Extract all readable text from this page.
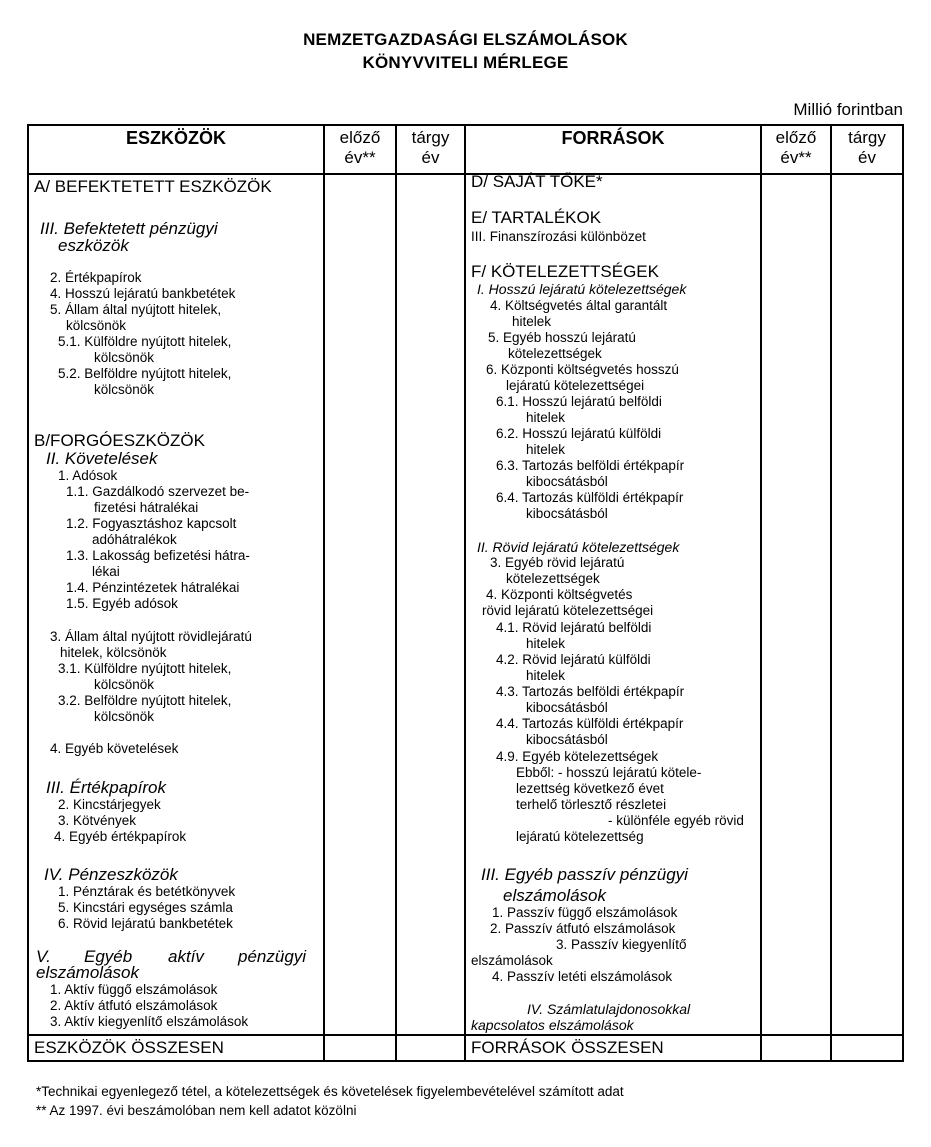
NEMZETGAZDASÁGI ELSZÁMOLÁSOK
KÖNYVVITELI MÉRLEGE
Millió forintban
ESZKÖZÖK	előző
év**
tárgy
év
FORRÁSOK	előző
év**
tárgy
év
A/ BEFEKTETETT ESZKÖZÖK
III. Befektetett pénzügyi
eszközök
2. Értékpapírok
4. Hosszú lejáratú bankbetétek
5. Állam által nyújtott hitelek,
kölcsönök
5.1. Külföldre nyújtott hitelek,
kölcsönök
5.2. Belföldre nyújtott hitelek,
kölcsönök
B/FORGÓESZKÖZÖK
II. Követelések
1. Adósok
1.1. Gazdálkodó szervezet be-
fizetési hátralékai
1.2. Fogyasztáshoz kapcsolt
adóhátralékok
1.3. Lakosság befizetési hátra-
lékai
1.4. Pénzintézetek hátralékai
1.5. Egyéb adósok
3. Állam által nyújtott rövidlejáratú
hitelek, kölcsönök
3.1. Külföldre nyújtott hitelek,
kölcsönök
3.2. Belföldre nyújtott hitelek,
kölcsönök
4. Egyéb követelések
III. Értékpapírok
2. Kincstárjegyek
3. Kötvények
4. Egyéb értékpapírok
IV. Pénzeszközök
1. Pénztárak és betétkönyvek
5. Kincstári egységes számla
6. Rövid lejáratú bankbetétek
V. Egyéb aktív pénzügyi
elszámolások
1. Aktív függő elszámolások
2. Aktív átfutó elszámolások
3. Aktív kiegyenlítő elszámolások
ESZKÖZÖK ÖSSZESEN
D/ SAJÁT TŐKE*
E/ TARTALÉKOK
III. Finanszírozási különbözet
F/ KÖTELEZETTSÉGEK
I. Hosszú lejáratú kötelezettségek
4. Költségvetés által garantált
hitelek
5. Egyéb hosszú lejáratú
kötelezettségek
6. Központi költségvetés hosszú
lejáratú kötelezettségei
6.1. Hosszú lejáratú belföldi
hitelek
6.2. Hosszú lejáratú külföldi
hitelek
6.3. Tartozás belföldi értékpapír
kibocsátásból
6.4. Tartozás külföldi értékpapír
kibocsátásból
II. Rövid lejáratú kötelezettségek
3. Egyéb rövid lejáratú
kötelezettségek
4. Központi költségvetés
rövid lejáratú kötelezettségei
4.1. Rövid lejáratú belföldi
hitelek
4.2. Rövid lejáratú külföldi
hitelek
4.3. Tartozás belföldi értékpapír
kibocsátásból
4.4. Tartozás külföldi értékpapír
kibocsátásból
4.9. Egyéb kötelezettségek
Ebből: - hosszú lejáratú kötele-
lezettség következő évet
terhelő törlesztő részletei
- különféle egyéb rövid
lejáratú kötelezettség
III. Egyéb passzív pénzügyi
elszámolások
1. Passzív függő elszámolások
2. Passzív átfutó elszámolások
3. Passzív kiegyenlítő
elszámolások
4. Passzív letéti elszámolások
IV. Számlatulajdonosokkal
kapcsolatos elszámolások
FORRÁSOK ÖSSZESEN
*Technikai egyenlegező tétel, a kötelezettségek és követelések figyelembevételével számított adat
** Az 1997. évi beszámolóban nem kell adatot közölni
